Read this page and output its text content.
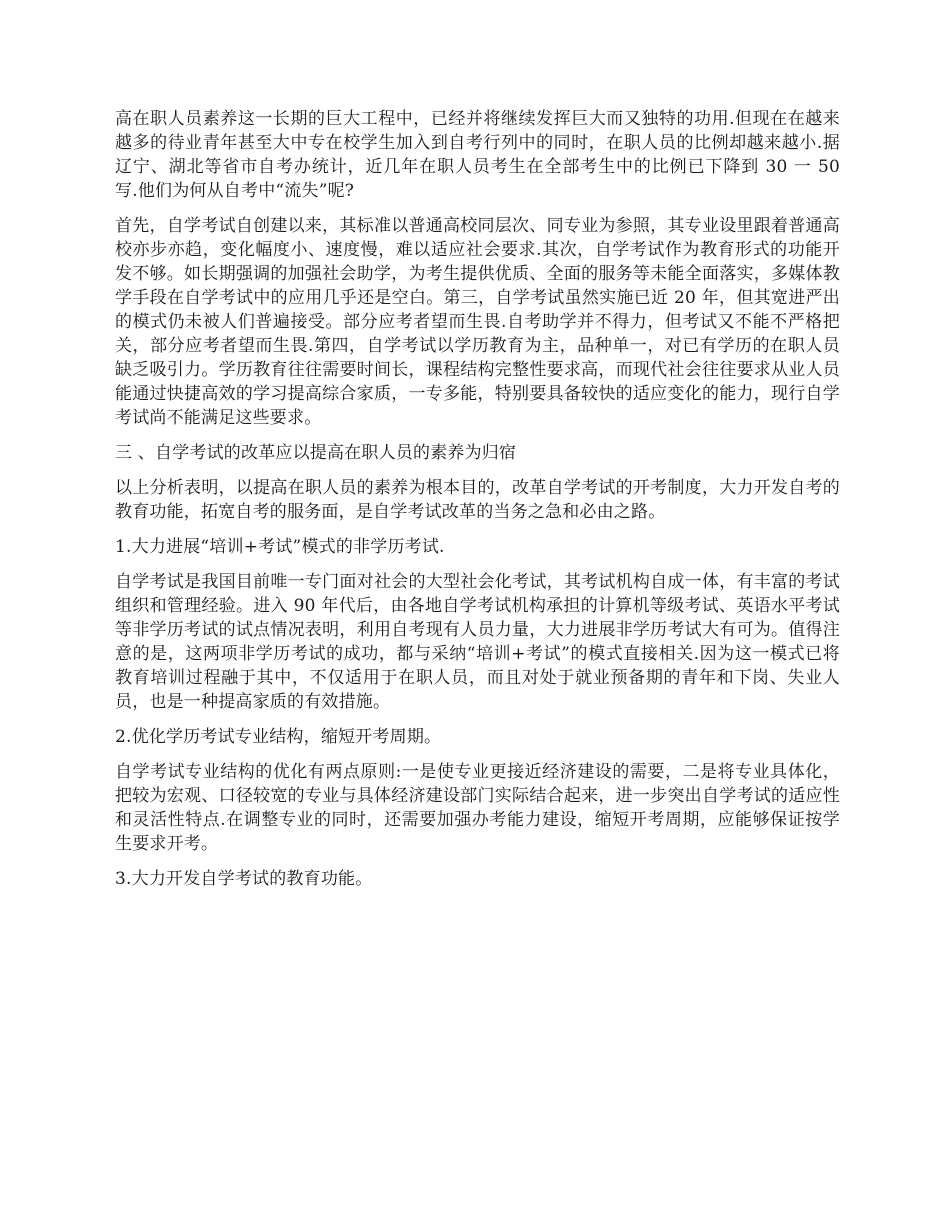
高在职人员素养这一长期的巨大工程中，已经并将继续发挥巨大而又独特的功用.但现在在越来越多的待业青年甚至大中专在校学生加入到自考行列中的同时，在职人员的比例却越来越小.据辽宁、湖北等省市自考办统计，近几年在职人员考生在全部考生中的比例已下降到 30 一 50 写.他们为何从自考中“流失”呢?

首先，自学考试自创建以来，其标准以普通高校同层次、同专业为参照，其专业设里跟着普通高校亦步亦趋，变化幅度小、速度慢，难以适应社会要求.其次，自学考试作为教育形式的功能开发不够。如长期强调的加强社会助学，为考生提供优质、全面的服务等未能全面落实，多媒体教学手段在自学考试中的应用几乎还是空白。第三，自学考试虽然实施已近 20 年，但其宽进严出的模式仍未被人们普遍接受。部分应考者望而生畏.自考助学并不得力，但考试又不能不严格把关，部分应考者望而生畏.第四，自学考试以学历教育为主，品种单一，对已有学历的在职人员缺乏吸引力。学历教育往往需要时间长，课程结构完整性要求高，而现代社会往往要求从业人员能通过快捷高效的学习提高综合家质，一专多能，特别要具备较快的适应变化的能力，现行自学考试尚不能满足这些要求。

三 、自学考试的改革应以提高在职人员的素养为归宿

以上分析表明，以提高在职人员的素养为根本目的，改革自学考试的开考制度，大力开发自考的教育功能，拓宽自考的服务面，是自学考试改革的当务之急和必由之路。

1.大力进展“培训+考试”模式的非学历考试.

自学考试是我国目前唯一专门面对社会的大型社会化考试，其考试机构自成一体，有丰富的考试组织和管理经验。进入 90 年代后，由各地自学考试机构承担的计算机等级考试、英语水平考试等非学历考试的试点情况表明，利用自考现有人员力量，大力进展非学历考试大有可为。值得注意的是，这两项非学历考试的成功，都与采纳“培训+考试”的模式直接相关.因为这一模式已将教育培训过程融于其中，不仅适用于在职人员，而且对处于就业预备期的青年和下岗、失业人员，也是一种提高家质的有效措施。

2.优化学历考试专业结构，缩短开考周期。

自学考试专业结构的优化有两点原则:一是使专业更接近经济建设的需要，二是将专业具体化，把较为宏观、口径较宽的专业与具体经济建设部门实际结合起来，进一步突出自学考试的适应性和灵活性特点.在调整专业的同时，还需要加强办考能力建设，缩短开考周期，应能够保证按学生要求开考。

3.大力开发自学考试的教育功能。
